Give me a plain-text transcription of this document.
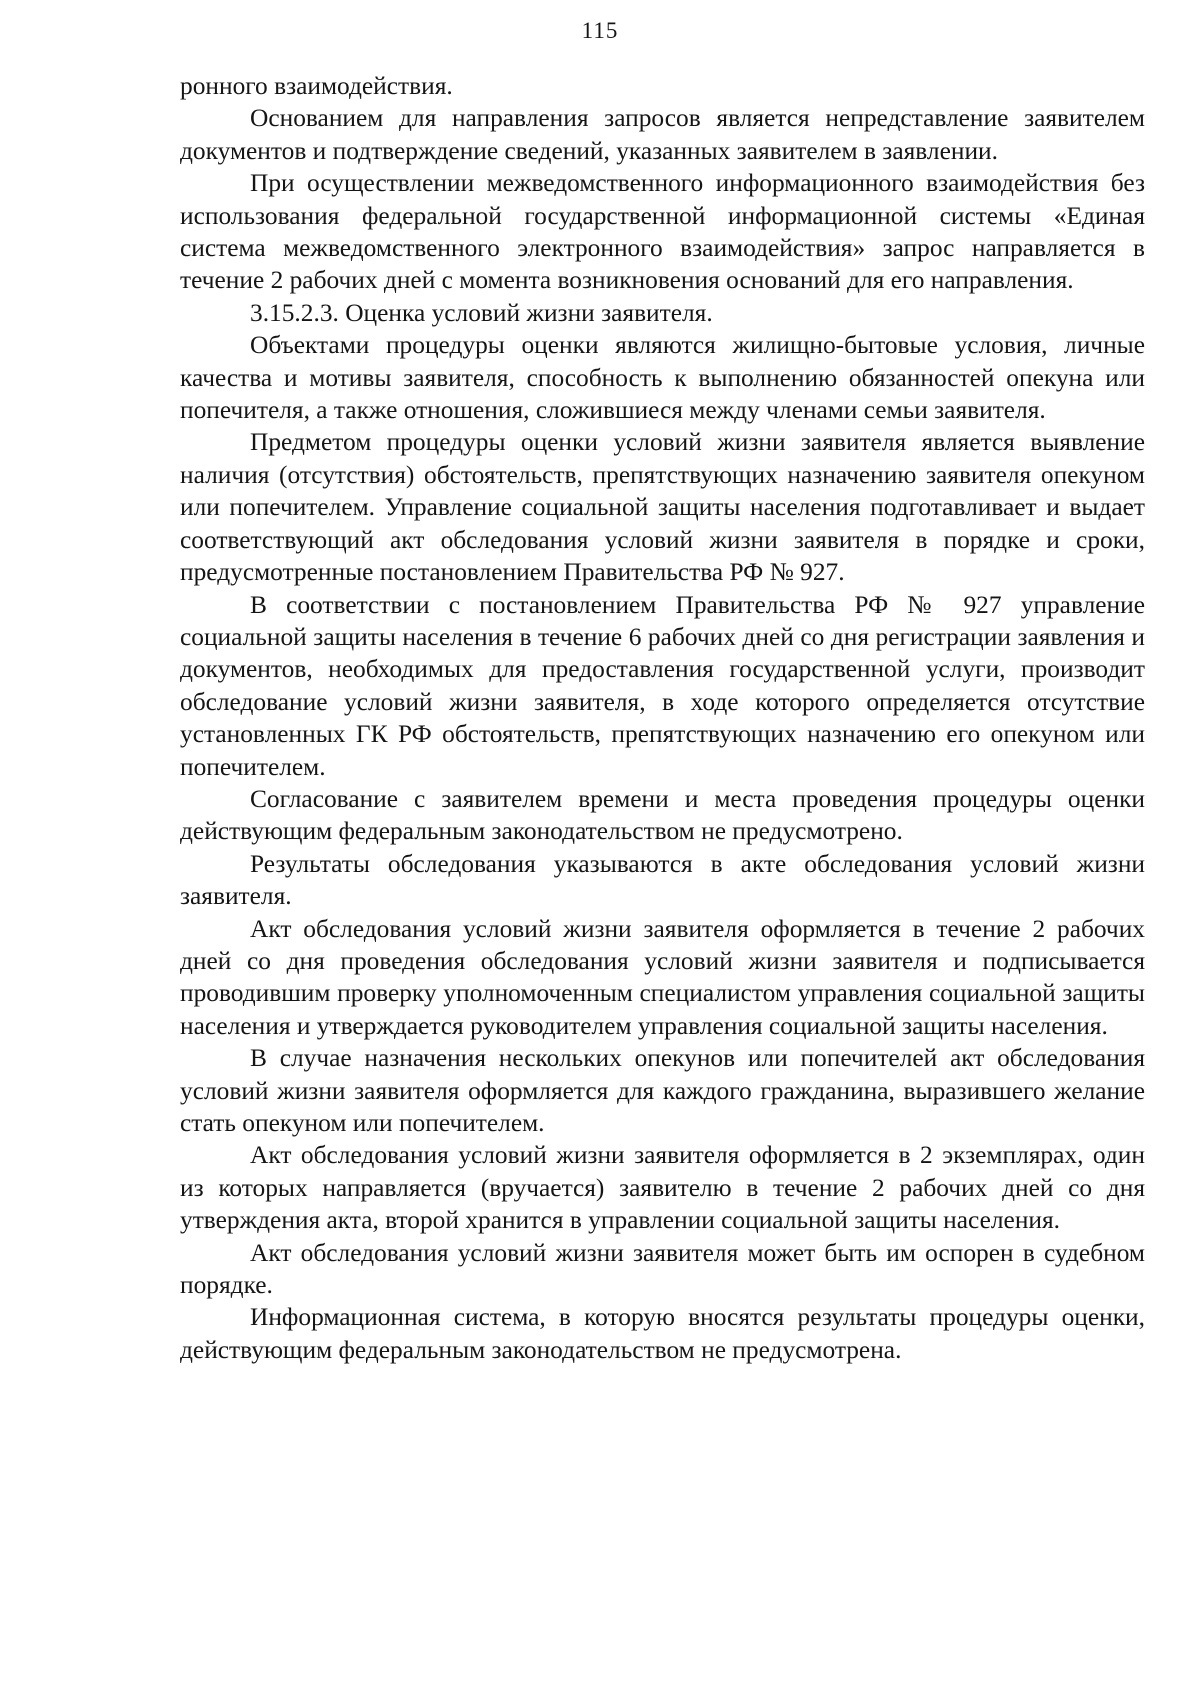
115

ронного взаимодействия.

Основанием для направления запросов является непредставление заявителем документов и подтверждение сведений, указанных заявителем в заявлении.

При осуществлении межведомственного информационного взаимодействия без использования федеральной государственной информационной системы «Единая система межведомственного электронного взаимодействия» запрос направляется в течение 2 рабочих дней с момента возникновения оснований для его направления.

3.15.2.3. Оценка условий жизни заявителя.

Объектами процедуры оценки являются жилищно-бытовые условия, личные качества и мотивы заявителя, способность к выполнению обязанностей опекуна или попечителя, а также отношения, сложившиеся между членами семьи заявителя.

Предметом процедуры оценки условий жизни заявителя является выявление наличия (отсутствия) обстоятельств, препятствующих назначению заявителя опекуном или попечителем. Управление социальной защиты населения подготавливает и выдает соответствующий акт обследования условий жизни заявителя в порядке и сроки, предусмотренные постановлением Правительства РФ № 927.

В соответствии с постановлением Правительства РФ № 927 управление социальной защиты населения в течение 6 рабочих дней со дня регистрации заявления и документов, необходимых для предоставления государственной услуги, производит обследование условий жизни заявителя, в ходе которого определяется отсутствие установленных ГК РФ обстоятельств, препятствующих назначению его опекуном или попечителем.

Согласование с заявителем времени и места проведения процедуры оценки действующим федеральным законодательством не предусмотрено.

Результаты обследования указываются в акте обследования условий жизни заявителя.

Акт обследования условий жизни заявителя оформляется в течение 2 рабочих дней со дня проведения обследования условий жизни заявителя и подписывается проводившим проверку уполномоченным специалистом управления социальной защиты населения и утверждается руководителем управления социальной защиты населения.

В случае назначения нескольких опекунов или попечителей акт обследования условий жизни заявителя оформляется для каждого гражданина, выразившего желание стать опекуном или попечителем.

Акт обследования условий жизни заявителя оформляется в 2 экземплярах, один из которых направляется (вручается) заявителю в течение 2 рабочих дней со дня утверждения акта, второй хранится в управлении социальной защиты населения.

Акт обследования условий жизни заявителя может быть им оспорен в судебном порядке.

Информационная система, в которую вносятся результаты процедуры оценки, действующим федеральным законодательством не предусмотрена.
